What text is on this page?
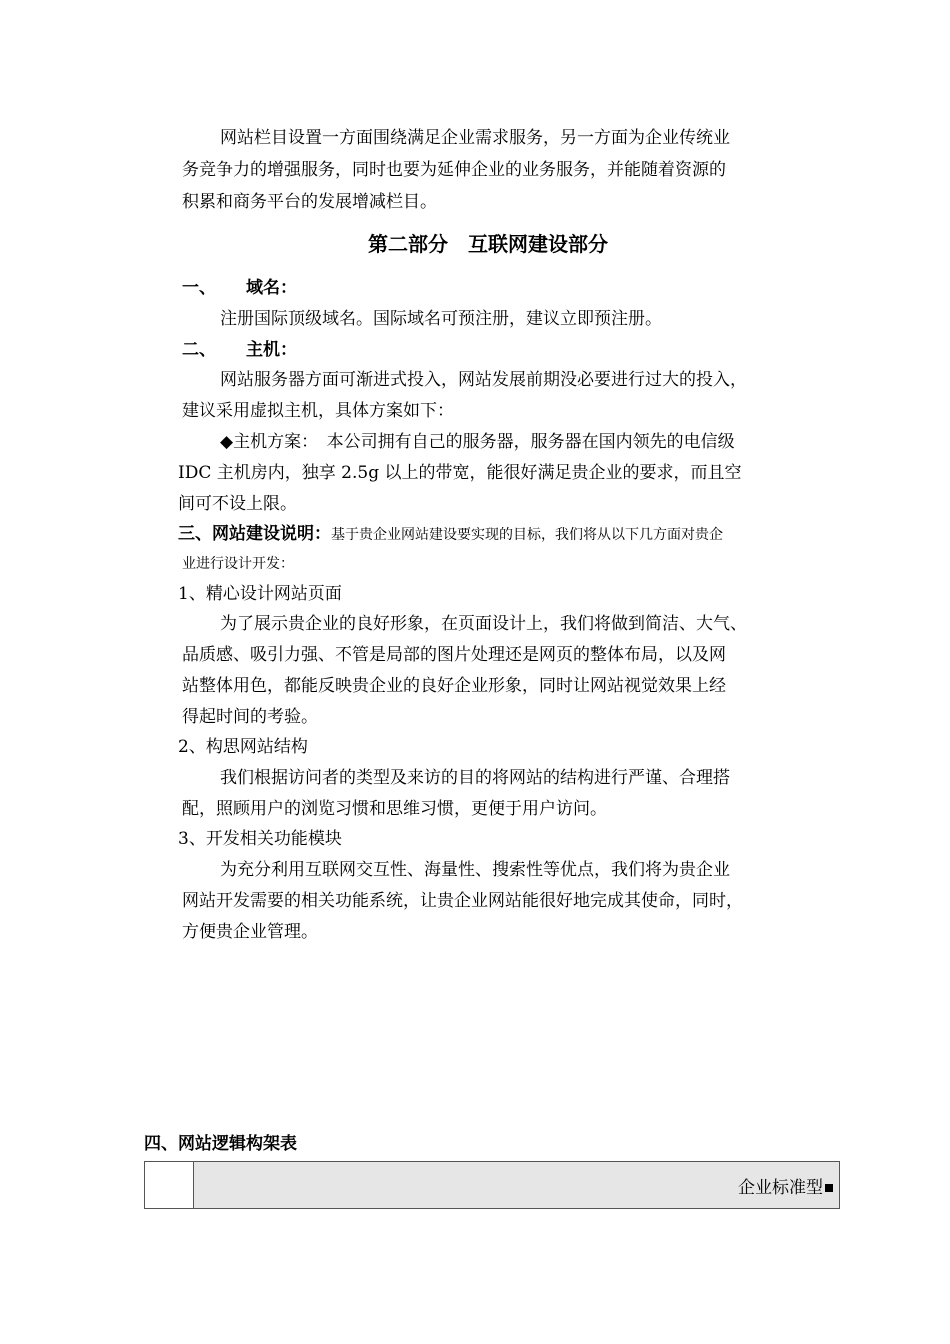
网站栏目设置一方面围绕满足企业需求服务，另一方面为企业传统业
务竞争力的增强服务，同时也要为延伸企业的业务服务，并能随着资源的
积累和商务平台的发展增减栏目。
第二部分　互联网建设部分
一、 域名：
注册国际顶级域名。国际域名可预注册，建议立即预注册。
二、 主机：
网站服务器方面可渐进式投入，网站发展前期没必要进行过大的投入，
建议采用虚拟主机，具体方案如下：
◆主机方案：　本公司拥有自己的服务器，服务器在国内领先的电信级
IDC 主机房内，独享 2.5g 以上的带宽，能很好满足贵企业的要求，而且空
间可不设上限。
三、网站建设说明：基于贵企业网站建设要实现的目标，我们将从以下几方面对贵企
业进行设计开发：
1、精心设计网站页面
为了展示贵企业的良好形象，在页面设计上，我们将做到简洁、大气、
品质感、吸引力强、不管是局部的图片处理还是网页的整体布局，以及网
站整体用色，都能反映贵企业的良好企业形象，同时让网站视觉效果上经
得起时间的考验。
2、构思网站结构
我们根据访问者的类型及来访的目的将网站的结构进行严谨、合理搭
配，照顾用户的浏览习惯和思维习惯，更便于用户访问。
3、开发相关功能模块
为充分利用互联网交互性、海量性、搜索性等优点，我们将为贵企业
网站开发需要的相关功能系统，让贵企业网站能很好地完成其使命，同时，
方便贵企业管理。
四、网站逻辑构架表
	企业标准型
